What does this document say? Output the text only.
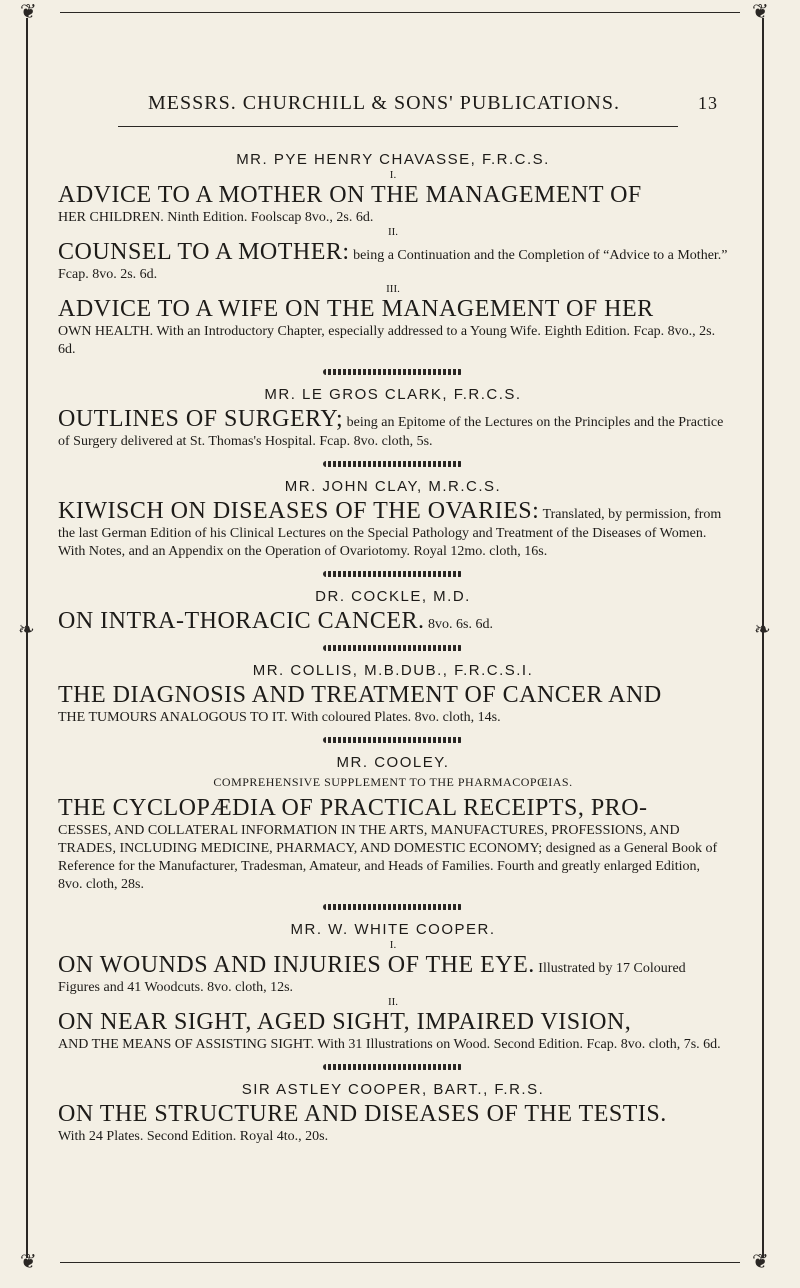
❦	❦
❦	❦
❧	❧
MESSRS. CHURCHILL & SONS' PUBLICATIONS.	13

MR. PYE HENRY CHAVASSE, F.R.C.S.

I.

ADVICE TO A MOTHER ON THE MANAGEMENT OF
HER CHILDREN. Ninth Edition. Foolscap 8vo., 2s. 6d.

II.

COUNSEL TO A MOTHER: being a Continuation and the Completion of “Advice to a Mother.” Fcap. 8vo. 2s. 6d.

III.

ADVICE TO A WIFE ON THE MANAGEMENT OF HER
OWN HEALTH. With an Introductory Chapter, especially addressed to a Young Wife. Eighth Edition. Fcap. 8vo., 2s. 6d.

MR. LE GROS CLARK, F.R.C.S.

OUTLINES OF SURGERY; being an Epitome of the Lectures on the Principles and the Practice of Surgery delivered at St. Thomas's Hospital. Fcap. 8vo. cloth, 5s.

MR. JOHN CLAY, M.R.C.S.

KIWISCH ON DISEASES OF THE OVARIES: Translated, by permission, from the last German Edition of his Clinical Lectures on the Special Pathology and Treatment of the Diseases of Women. With Notes, and an Appendix on the Operation of Ovariotomy. Royal 12mo. cloth, 16s.

DR. COCKLE, M.D.

ON INTRA-THORACIC CANCER. 8vo. 6s. 6d.

MR. COLLIS, M.B.DUB., F.R.C.S.I.

THE DIAGNOSIS AND TREATMENT OF CANCER AND
THE TUMOURS ANALOGOUS TO IT. With coloured Plates. 8vo. cloth, 14s.

MR. COOLEY.

COMPREHENSIVE SUPPLEMENT TO THE PHARMACOPŒIAS.

THE CYCLOPÆDIA OF PRACTICAL RECEIPTS, PRO-
CESSES, AND COLLATERAL INFORMATION IN THE ARTS, MANUFACTURES, PROFESSIONS, AND TRADES, INCLUDING MEDICINE, PHARMACY, AND DOMESTIC ECONOMY; designed as a General Book of Reference for the Manufacturer, Tradesman, Amateur, and Heads of Families. Fourth and greatly enlarged Edition, 8vo. cloth, 28s.

MR. W. WHITE COOPER.

I.

ON WOUNDS AND INJURIES OF THE EYE. Illustrated by 17 Coloured Figures and 41 Woodcuts. 8vo. cloth, 12s.

II.

ON NEAR SIGHT, AGED SIGHT, IMPAIRED VISION,
AND THE MEANS OF ASSISTING SIGHT. With 31 Illustrations on Wood. Second Edition. Fcap. 8vo. cloth, 7s. 6d.

SIR ASTLEY COOPER, BART., F.R.S.

ON THE STRUCTURE AND DISEASES OF THE TESTIS.
With 24 Plates. Second Edition. Royal 4to., 20s.
